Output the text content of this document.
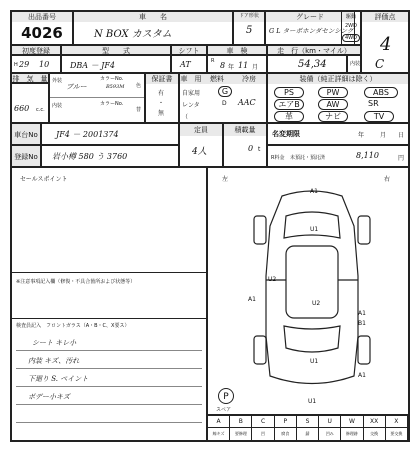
出品番号
4026
車　　名
N BOX カスタム
ドア形状
5
グレード
G L ターボホンダセンシング
駆動
2WD
4WD
評価点
4
初度登録	型　　式	シフト	車　検	走　行（km・マイル）
H 29 10	DBA － JF4	AT	R 8 年 11 月	54,34	内装 C
排　気　量
660 c.c.
外装
ブルー
カラーNo.
B593M 色
内装	カラーNo.
替
保証書
有
・
無
車　用	燃料	冷房
自家用
レンタ
（
G
D AAC
装備（純正詳細は除く）
PS	PW	ABS
エアB	AW	SR
革	ナビ	TV
車台No	JF4 － 2001374	定員
4人
積載量
0 t
名変期限	年	月 日
登録No	岩小樽 580 う 3760	R料金 未預託・預託済	8,110	円
セールスポイント
※注意事項記入欄（修復・不具合箇所および状態等）
検査員記入　フロントガラス（A・B・C、X要ス）
シート キレ小
内装 キズ、汚れ
下廻り S. ペイント
ボデー小キズ
左	右
A1
U1
U2
A1
U2
A1
B1
U1
A1
U1
P
スペア
A	B	C	P	S	U	W	XX	X
線キズ	要修理	凹	腐食	錆	凹み	修理跡	交換	要交換
